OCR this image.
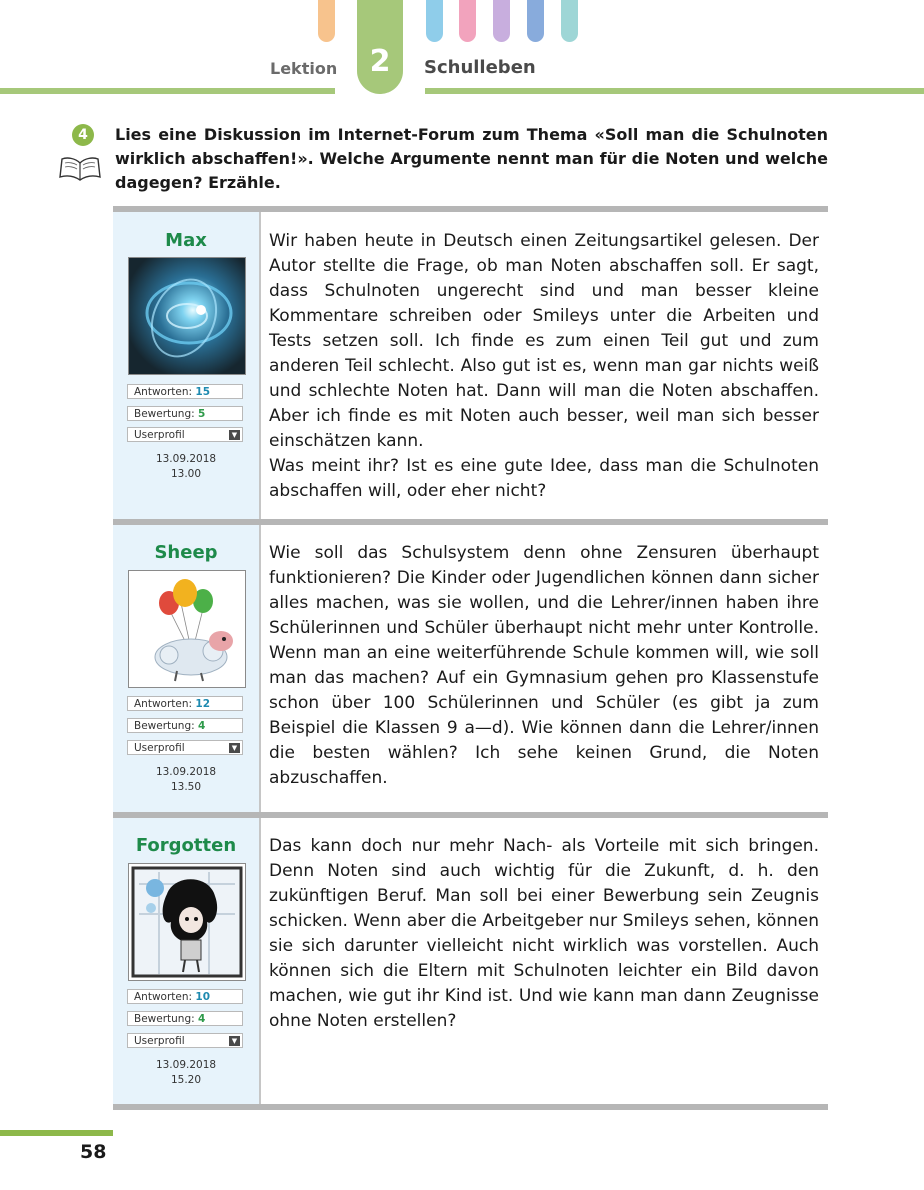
2
Lektion	Schulleben
4	Lies eine Diskussion im Internet-Forum zum Thema «Soll man die Schulnoten wirklich abschaffen!». Welche Argumente nennt man für die Noten und welche dagegen? Erzähle.
Max
Antworten: 15
Bewertung: 5
Userprofil	▼
13.09.2018
13.00
Wir haben heute in Deutsch einen Zeitungsartikel gelesen. Der Autor stellte die Frage, ob man Noten abschaffen soll. Er sagt, dass Schulnoten ungerecht sind und man besser kleine Kommentare schreiben oder Smileys unter die Arbeiten und Tests setzen soll. Ich finde es zum einen Teil gut und zum anderen Teil schlecht. Also gut ist es, wenn man gar nichts weiß und schlechte Noten hat. Dann will man die Noten abschaffen. Aber ich finde es mit Noten auch besser, weil man sich besser einschätzen kann.
Was meint ihr? Ist es eine gute Idee, dass man die Schulnoten abschaffen will, oder eher nicht?
Sheep
Antworten: 12
Bewertung: 4
Userprofil	▼
13.09.2018
13.50
Wie soll das Schulsystem denn ohne Zensuren überhaupt funktionieren? Die Kinder oder Jugendlichen können dann sicher alles machen, was sie wollen, und die Lehrer/innen haben ihre Schülerinnen und Schüler überhaupt nicht mehr unter Kontrolle. Wenn man an eine weiterführende Schule kommen will, wie soll man das machen? Auf ein Gymnasium gehen pro Klassenstufe schon über 100 Schülerinnen und Schüler (es gibt ja zum Beispiel die Klassen 9 a—d). Wie können dann die Lehrer/innen die besten wählen? Ich sehe keinen Grund, die Noten abzuschaffen.
Forgotten
Antworten: 10
Bewertung: 4
Userprofil	▼
13.09.2018
15.20
Das kann doch nur mehr Nach- als Vorteile mit sich bringen. Denn Noten sind auch wichtig für die Zukunft, d. h. den zukünftigen Beruf. Man soll bei einer Bewerbung sein Zeugnis schicken. Wenn aber die Arbeitgeber nur Smileys sehen, können sie sich darunter vielleicht nicht wirklich was vorstellen. Auch können sich die Eltern mit Schulnoten leichter ein Bild davon machen, wie gut ihr Kind ist. Und wie kann man dann Zeugnisse ohne Noten erstellen?
58
